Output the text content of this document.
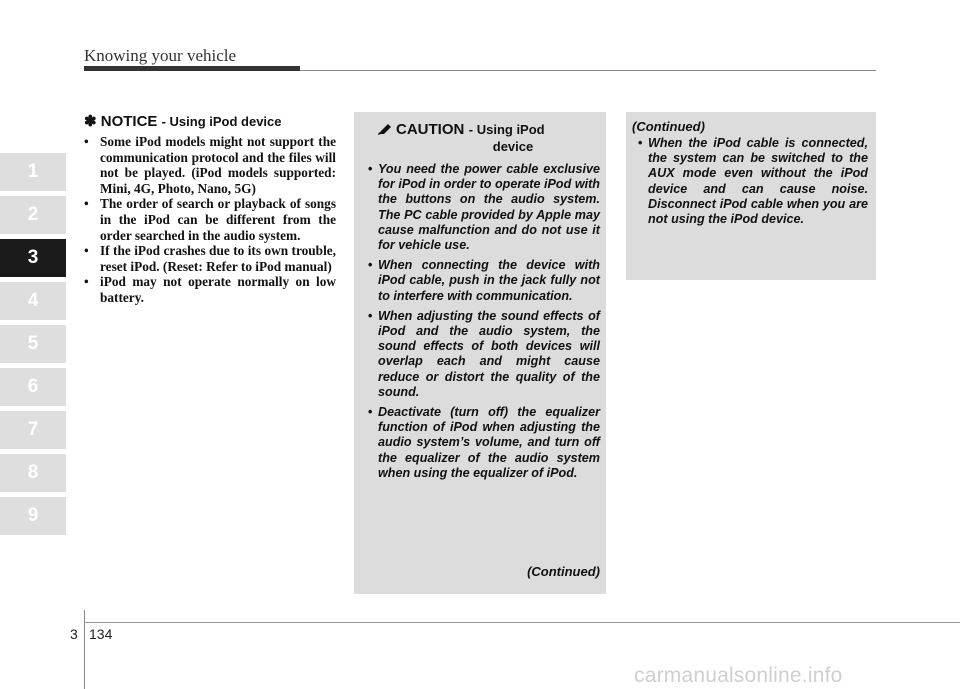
Knowing your vehicle
1
2
3
4
5
6
7
8
9
✽ NOTICE - Using iPod device
• Some iPod models might not support the communication protocol and the files will not be played. (iPod models supported: Mini, 4G, Photo, Nano, 5G)
• The order of search or playback of songs in the iPod can be different from the order searched in the audio system.
• If the iPod crashes due to its own trouble, reset iPod. (Reset: Refer to iPod manual)
• iPod may not operate normally on low battery.
CAUTION - Using iPod
device
• You need the power cable exclusive for iPod in order to operate iPod with the buttons on the audio system. The PC cable provided by Apple may cause malfunction and do not use it for vehicle use.
• When connecting the device with iPod cable, push in the jack fully not to interfere with communication.
• When adjusting the sound effects of iPod and the audio system, the sound effects of both devices will overlap each and might cause reduce or distort the quality of the sound.
• Deactivate (turn off) the equalizer function of iPod when adjusting the audio system’s volume, and turn off the equalizer of the audio system when using the equalizer of iPod.
(Continued)
(Continued)
• When the iPod cable is connected, the system can be switched to the AUX mode even without the iPod device and can cause noise. Disconnect iPod cable when you are not using the iPod device.
3 134
carmanualsonline.info
